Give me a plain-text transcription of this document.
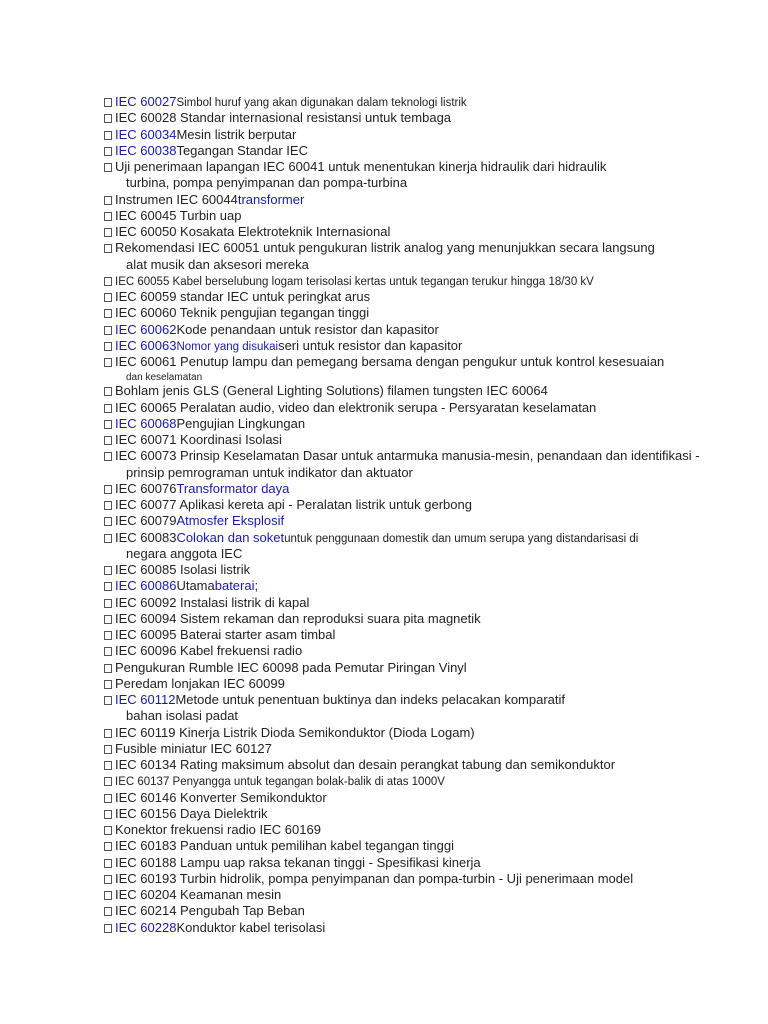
IEC 60027Simbol huruf yang akan digunakan dalam teknologi listrik
IEC 60028 Standar internasional resistansi untuk tembaga
IEC 60034Mesin listrik berputar
IEC 60038Tegangan Standar IEC
Uji penerimaan lapangan IEC 60041 untuk menentukan kinerja hidraulik dari hidraulik
turbina, pompa penyimpanan dan pompa-turbina
Instrumen IEC 60044transformer
IEC 60045 Turbin uap
IEC 60050 Kosakata Elektroteknik Internasional
Rekomendasi IEC 60051 untuk pengukuran listrik analog yang menunjukkan secara langsung
alat musik dan aksesori mereka
IEC 60055 Kabel berselubung logam terisolasi kertas untuk tegangan terukur hingga 18/30 kV
IEC 60059 standar IEC untuk peringkat arus
IEC 60060 Teknik pengujian tegangan tinggi
IEC 60062Kode penandaan untuk resistor dan kapasitor
IEC 60063Nomor yang disukaiseri untuk resistor dan kapasitor
IEC 60061 Penutup lampu dan pemegang bersama dengan pengukur untuk kontrol kesesuaian
dan keselamatan
Bohlam jenis GLS (General Lighting Solutions) filamen tungsten IEC 60064
IEC 60065 Peralatan audio, video dan elektronik serupa - Persyaratan keselamatan
IEC 60068Pengujian Lingkungan
IEC 60071 Koordinasi Isolasi
IEC 60073 Prinsip Keselamatan Dasar untuk antarmuka manusia-mesin, penandaan dan identifikasi -
prinsip pemrograman untuk indikator dan aktuator
IEC 60076Transformator daya
IEC 60077 Aplikasi kereta api - Peralatan listrik untuk gerbong
IEC 60079Atmosfer Eksplosif
IEC 60083Colokan dan soketuntuk penggunaan domestik dan umum serupa yang distandarisasi di
negara anggota IEC
IEC 60085 Isolasi listrik
IEC 60086Utamabaterai;
IEC 60092 Instalasi listrik di kapal
IEC 60094 Sistem rekaman dan reproduksi suara pita magnetik
IEC 60095 Baterai starter asam timbal
IEC 60096 Kabel frekuensi radio
Pengukuran Rumble IEC 60098 pada Pemutar Piringan Vinyl
Peredam lonjakan IEC 60099
IEC 60112Metode untuk penentuan buktinya dan indeks pelacakan komparatif
bahan isolasi padat
IEC 60119 Kinerja Listrik Dioda Semikonduktor (Dioda Logam)
Fusible miniatur IEC 60127
IEC 60134 Rating maksimum absolut dan desain perangkat tabung dan semikonduktor
IEC 60137 Penyangga untuk tegangan bolak-balik di atas 1000V
IEC 60146 Konverter Semikonduktor
IEC 60156 Daya Dielektrik
Konektor frekuensi radio IEC 60169
IEC 60183 Panduan untuk pemilihan kabel tegangan tinggi
IEC 60188 Lampu uap raksa tekanan tinggi - Spesifikasi kinerja
IEC 60193 Turbin hidrolik, pompa penyimpanan dan pompa-turbin - Uji penerimaan model
IEC 60204 Keamanan mesin
IEC 60214 Pengubah Tap Beban
IEC 60228Konduktor kabel terisolasi
